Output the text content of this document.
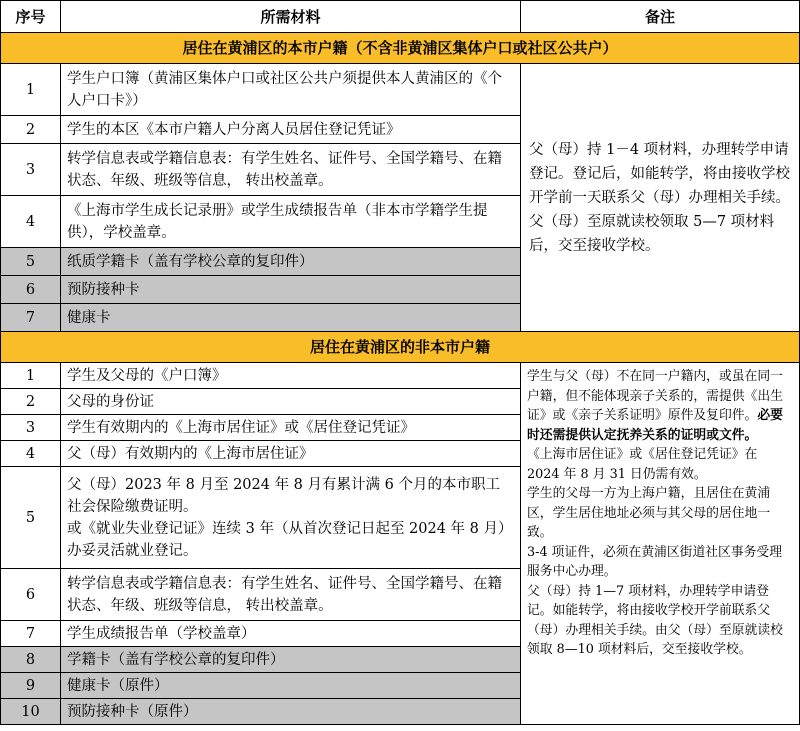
序号	所需材料	备注
居住在黄浦区的本市户籍（不含非黄浦区集体户口或社区公共户）		
1	学生户口簿（黄浦区集体户口或社区公共户须提供本人黄浦区的《个人户口卡》）	父（母）持 1－4 项材料，办理转学申请登记。登记后，如能转学，将由接收学校开学前一天联系父（母）办理相关手续。

父（母）至原就读校领取 5—7 项材料后，交至接收学校。

2	学生的本区《本市户籍人户分离人员居住登记凭证》	
3	转学信息表或学籍信息表：有学生姓名、证件号、全国学籍号、在籍状态、年级、班级等信息， 转出校盖章。	
4	《上海市学生成长记录册》或学生成绩报告单（非本市学籍学生提供），学校盖章。	
5	纸质学籍卡（盖有学校公章的复印件）	
6	预防接种卡	
7	健康卡	
居住在黄浦区的非本市户籍		
1	学生及父母的《户口簿》	学生与父（母）不在同一户籍内，或虽在同一户籍，但不能体现亲子关系的，需提供《出生证》或《亲子关系证明》原件及复印件。必要时还需提供认定抚养关系的证明或文件。

《上海市居住证》或《居住登记凭证》在 2024 年 8 月 31 日仍需有效。

学生的父母一方为上海户籍，且居住在黄浦区，学生居住地址必须与其父母的居住地一致。

3-4 项证件，必须在黄浦区街道社区事务受理服务中心办理。

父（母）持 1—7 项材料，办理转学申请登记。如能转学，将由接收学校开学前联系父（母）办理相关手续。由父（母）至原就读校领取 8—10 项材料后，交至接收学校。

2	父母的身份证	
3	学生有效期内的《上海市居住证》或《居住登记凭证》	
4	父（母）有效期内的《上海市居住证》	
5	父（母）2023 年 8 月至 2024 年 8 月有累计满 6 个月的本市职工社会保险缴费证明。
或《就业失业登记证》连续 3 年（从首次登记日起至 2024 年 8 月）办妥灵活就业登记。	
6	转学信息表或学籍信息表：有学生姓名、证件号、全国学籍号、在籍状态、年级、班级等信息， 转出校盖章。	
7	学生成绩报告单（学校盖章）	
8	学籍卡（盖有学校公章的复印件）	
9	健康卡（原件）	
10	预防接种卡（原件）	
